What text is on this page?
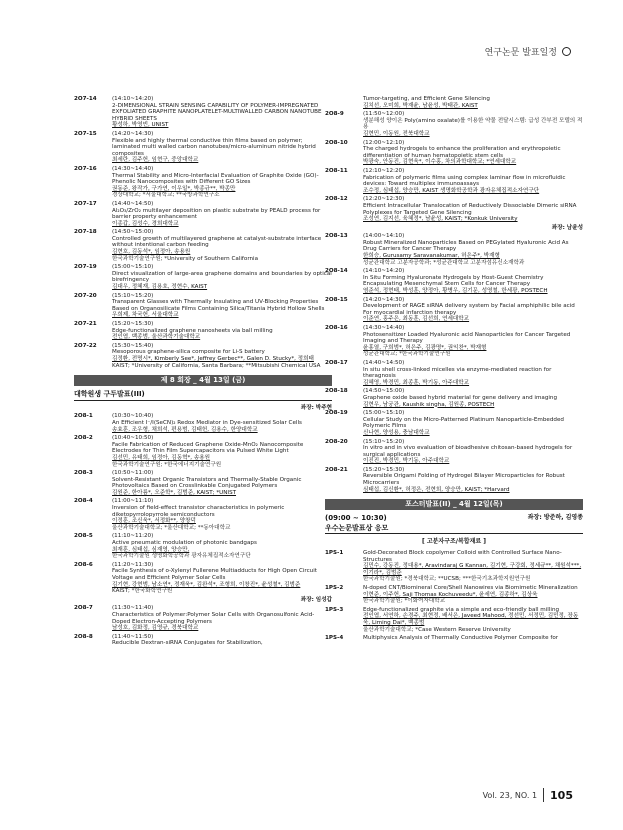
연구논문 발표일정
2O7-14	(14:10~14:20)
2-DIMENSIONAL STRAIN SENSING CAPABILITY OF POLYMER-IMPREGNATED EXFOLIATED GRAPHITE NANOPLATELET-MULTIWALLED CARBON NANOTUBE HYBRID SHEETS
황성하, 박영빈, UNIST
2O7-15	(14:20~14:30)
Flexible and highly thermal conductive thin films based on polymer; laminated multi walled carbon nanotubes/micro-aluminum nitride hybrid composites
최세란, 김주헌, 임현구, 중앙대학교
2O7-16	(14:30~14:40)
Thermal Stability and Micro-Interfacial Evaluation of Graphite Oxide (GO)-Phenolic Nanocomposites with Different GO Sizes
권동준, 왕작가, 구가연, 이우일*, 박종규**, 박종만
경상대학교; *서울대학교; **국방과학연구소
2O7-17	(14:40~14:50)
Al₂O₃/ZrO₂ multilayer deposition on plastic substrate by PEALD process for barrier property enhancement
이종갑, 김성수, 경희대학교
2O7-18	(14:50~15:00)
Controlled growth of multilayered graphene at catalyst-substrate interface without intentional carbon feeding
김현호, 김동석*, 임정아, 송용원
한국과학기술연구원; *University of Southern California
2O7-19	(15:00~15:10)
Direct visualization of large-area graphene domains and boundaries by optical birefringency
김대우, 정혜재, 김용호, 정현수, KAIST
2O7-20	(15:10~15:20)
Transparent Glasses with Thermally Insulating and UV-Blocking Properties Based on Organosilicate Films Containing Silica/Titania Hybrid Hollow Shells
우희제, 차국헌, 서울대학교
2O7-21	(15:20~15:30)
Edge-functionalized graphene nanosheets via ball milling
전인엽, 백종범, 울산과학기술대학교
2O7-22	(15:30~15:40)
Mesoporous graphene-silica composite for Li-S battery
김정환, 전명시*, Kimberly See*, Jeffrey Gerbec**, Galen D. Stucky*, 정희태
KAIST; *University of California, Santa Barbara; **Mitsubishi Chemical USA
제 8 회장 _ 4월 13일 (금)
대학원생 구두발표(III)
좌장: 박주현
2O8-1	(10:30~10:40)
An Efficient I⁻/I(SeCN)₂ Redox Mediator in Dye-sensitized Solar Cells
송효훈, 조우형, 채희석, 편용범, 김태헌, 김용수, 한양대학교
2O8-2	(10:40~10:50)
Facile Fabrication of Reduced Graphene Oxide-MnO₂ Nanocomposite Electrodes for Thin Film Supercapacitors via Pulsed White Light
김선민, 유태희, 임정아, 김동혁*, 송용원
한국과학기술연구원; *한국에너지기술연구원
2O8-3	(10:50~11:00)
Solvent-Resistant Organic Transistors and Thermally-Stable Organic Photovoltaics Based on Crosslinkable Conjugated Polymers
김원준, 한아름*, 오준학*, 김범준, KAIST; *UNIST
2O8-4	(11:00~11:10)
Inversion of field-effect transistor characteristics in polymeric diketopyrrolopyrrole semiconductors
이정훈, 조신욱*, 서정화**, 양창덕
울산과학기술대학교; *울산대학교; **동아대학교
2O8-5	(11:10~11:20)
Active pneumatic modulation of photonic bandgaps
최재훈, 심태섭, 심재영, 양승만,
한국과학기술원 생명화학공학과 광자유체집적소자연구단
2O8-6	(11:20~11:30)
Facile Synthesis of o-Xylenyl Fullerene Multiadducts for High Open Circuit Voltage and Efficient Polymer Solar Cells
김기현, 강현범, 남소연*, 정재욱*, 김완석*, 조형희, 이창진*, 윤성철*, 김범준
KAIST; *한국화학연구원
좌장: 임성갑
2O8-7	(11:30~11:40)
Characteristics of Polymer:Polymer Solar Cells with Organosulfonic Acid-Doped Electron-Accepting Polymers
남성호, 김화정, 김영규, 경북대학교
2O8-8	(11:40~11:50)
Reducible Dextran-siRNA Conjugates for Stabilization,
Tumor-targeting, and Efficient Gene Silencing
김치선, 오미희, 박재윤, 남윤성, 박태관, KAIST
2O8-9	(11:50~12:00)
생분해성 양이온 Poly(amino oxalate)를 이용한 약물 전달시스템: 급성 간부전 모델의 적용
김현민, 이동원, 전북대학교
2O8-10	(12:00~12:10)
The charged hydrogels to enhance the proliferation and erythropoietic differentiation of human hematopoietic stem cells
박광숙, 안동진, 김현욱*, 이수홍, 차의과학대학교; *연세대학교
2O8-11	(12:10~12:20)
Fabrication of polymeric films using complex laminar flow in microfluidic devices: Toward multiplex immunoassays
조수정, 심태섭, 양승만, KAIST 생명화학공학과 광자유체집적소자연구단
2O8-12	(12:20~12:30)
Efficient Intracellular Translocation of Reductively Dissociable Dimeric siRNA Polyplexes for Targeted Gene Silencing
조성연, 김지선, 육혜정*, 남윤성, KAIST; *Konkuk University
좌장: 남윤성
2O8-13	(14:00~14:10)
Robust Mineralized Nanoparticles Based on PEGylated Hyaluronic Acid As Drug Carriers for Cancer Therapy
한희승, Gurusamy Saravanakumar, 허은주*, 박재형
성균관대학교 고분자공학과; *성균관대학교 고분자섬유신소재학과
2O8-14	(14:10~14:20)
In Situ Forming Hyaluronate Hydrogels by Host-Guest Chemistry Encapsulating Mesenchymal Stem Cells for Cancer Therapy
염준석, 정현태, 박성훈, 양정아, 황병우, 김기문, 성영철, 한세광, POSTECH
2O8-15	(14:20~14:30)
Development of RAGE siRNA delivery system by Facial amphiphilic bile acid For myocardial infarction therapy
이준연, 홍주은, 최동훈, 김선희, 연세대학교
2O8-16	(14:30~14:40)
Photosensitizer Loaded Hyaluronic acid Nanoparticles for Cancer Targeted Imaging and Therapy
윤홍열, 구희범*, 허은주, 김광명*, 권익찬*, 박재형
성균관대학교; *한국과학기술연구원
2O8-17	(14:40~14:50)
In situ shell cross-linked micelles via enzyme-mediated reaction for theragnosis
김혜영, 박경민, 최종훈, 박기동, 아주대학교
2O8-18	(14:50~15:00)
Graphene oxide based hybrid material for gene delivery and imaging
김현우, 남궁관, Kaushik singha, 김원종, POSTECH
2O8-19	(15:00~15:10)
Cellular Study on the Micro-Patterned Platinum Nanoparticle-Embedded Polymeric Films
신나현, 양성용, 충남대학교
2O8-20	(15:10~15:20)
In vitro and in vivo evaluation of bioadhesive chitosan-based hydrogels for surgical applications
이진진, 박경민, 박기동, 아주대학교
2O8-21	(15:20~15:30)
Reversible Origami Folding of Hydrogel Bilayer Microparticles for Robust Microcarriers
심태섭, 김신환*, 허정은, 전현희, 양승만, KAIST; *Harvard
포스터발표(II) _ 4월 12일(목)
(09:00 ~ 10:30)	좌장: 방준하, 김영종
우수논문발표상 응모
[ 고분자구조/복합재료 ]
1PS-1	Gold-Decorated Block copolymer Colloid with Controlled Surface Nano-Structures
김민수, 강동진, 정대용*, Aravindaraj G Kannan, 김기현, 구강회, 정세규**, 채원석***, 이기라*, 김범준
한국과학기술원; *경북대학교; **UCSB; ***한국기초과학지원연구원
1PS-2	N-doped CNT/Biomineral Core/Shell Nanowires via Biomimetic Mineralization
이현준, 이주헌, Saji Thomas Kochuveedu*, 윤세연, 김종하*, 김상욱
한국과학기술원; *이화여자대학교
1PS-3	Edge-functionalized graphite via a simple and eco-friendly ball milling
전인엽, 서연하, 손경주, 최현정, 배서은, Javeed Mahood, 정선민, 서정민, 김민정, 장동욱, Liming Dai*, 백종범
울산과학기술대학교; *Case Western Reserve University
1PS-4	Multiphysics Analysis of Thermally Conductive Polymer Composite for
Vol. 23, NO. 1 105
